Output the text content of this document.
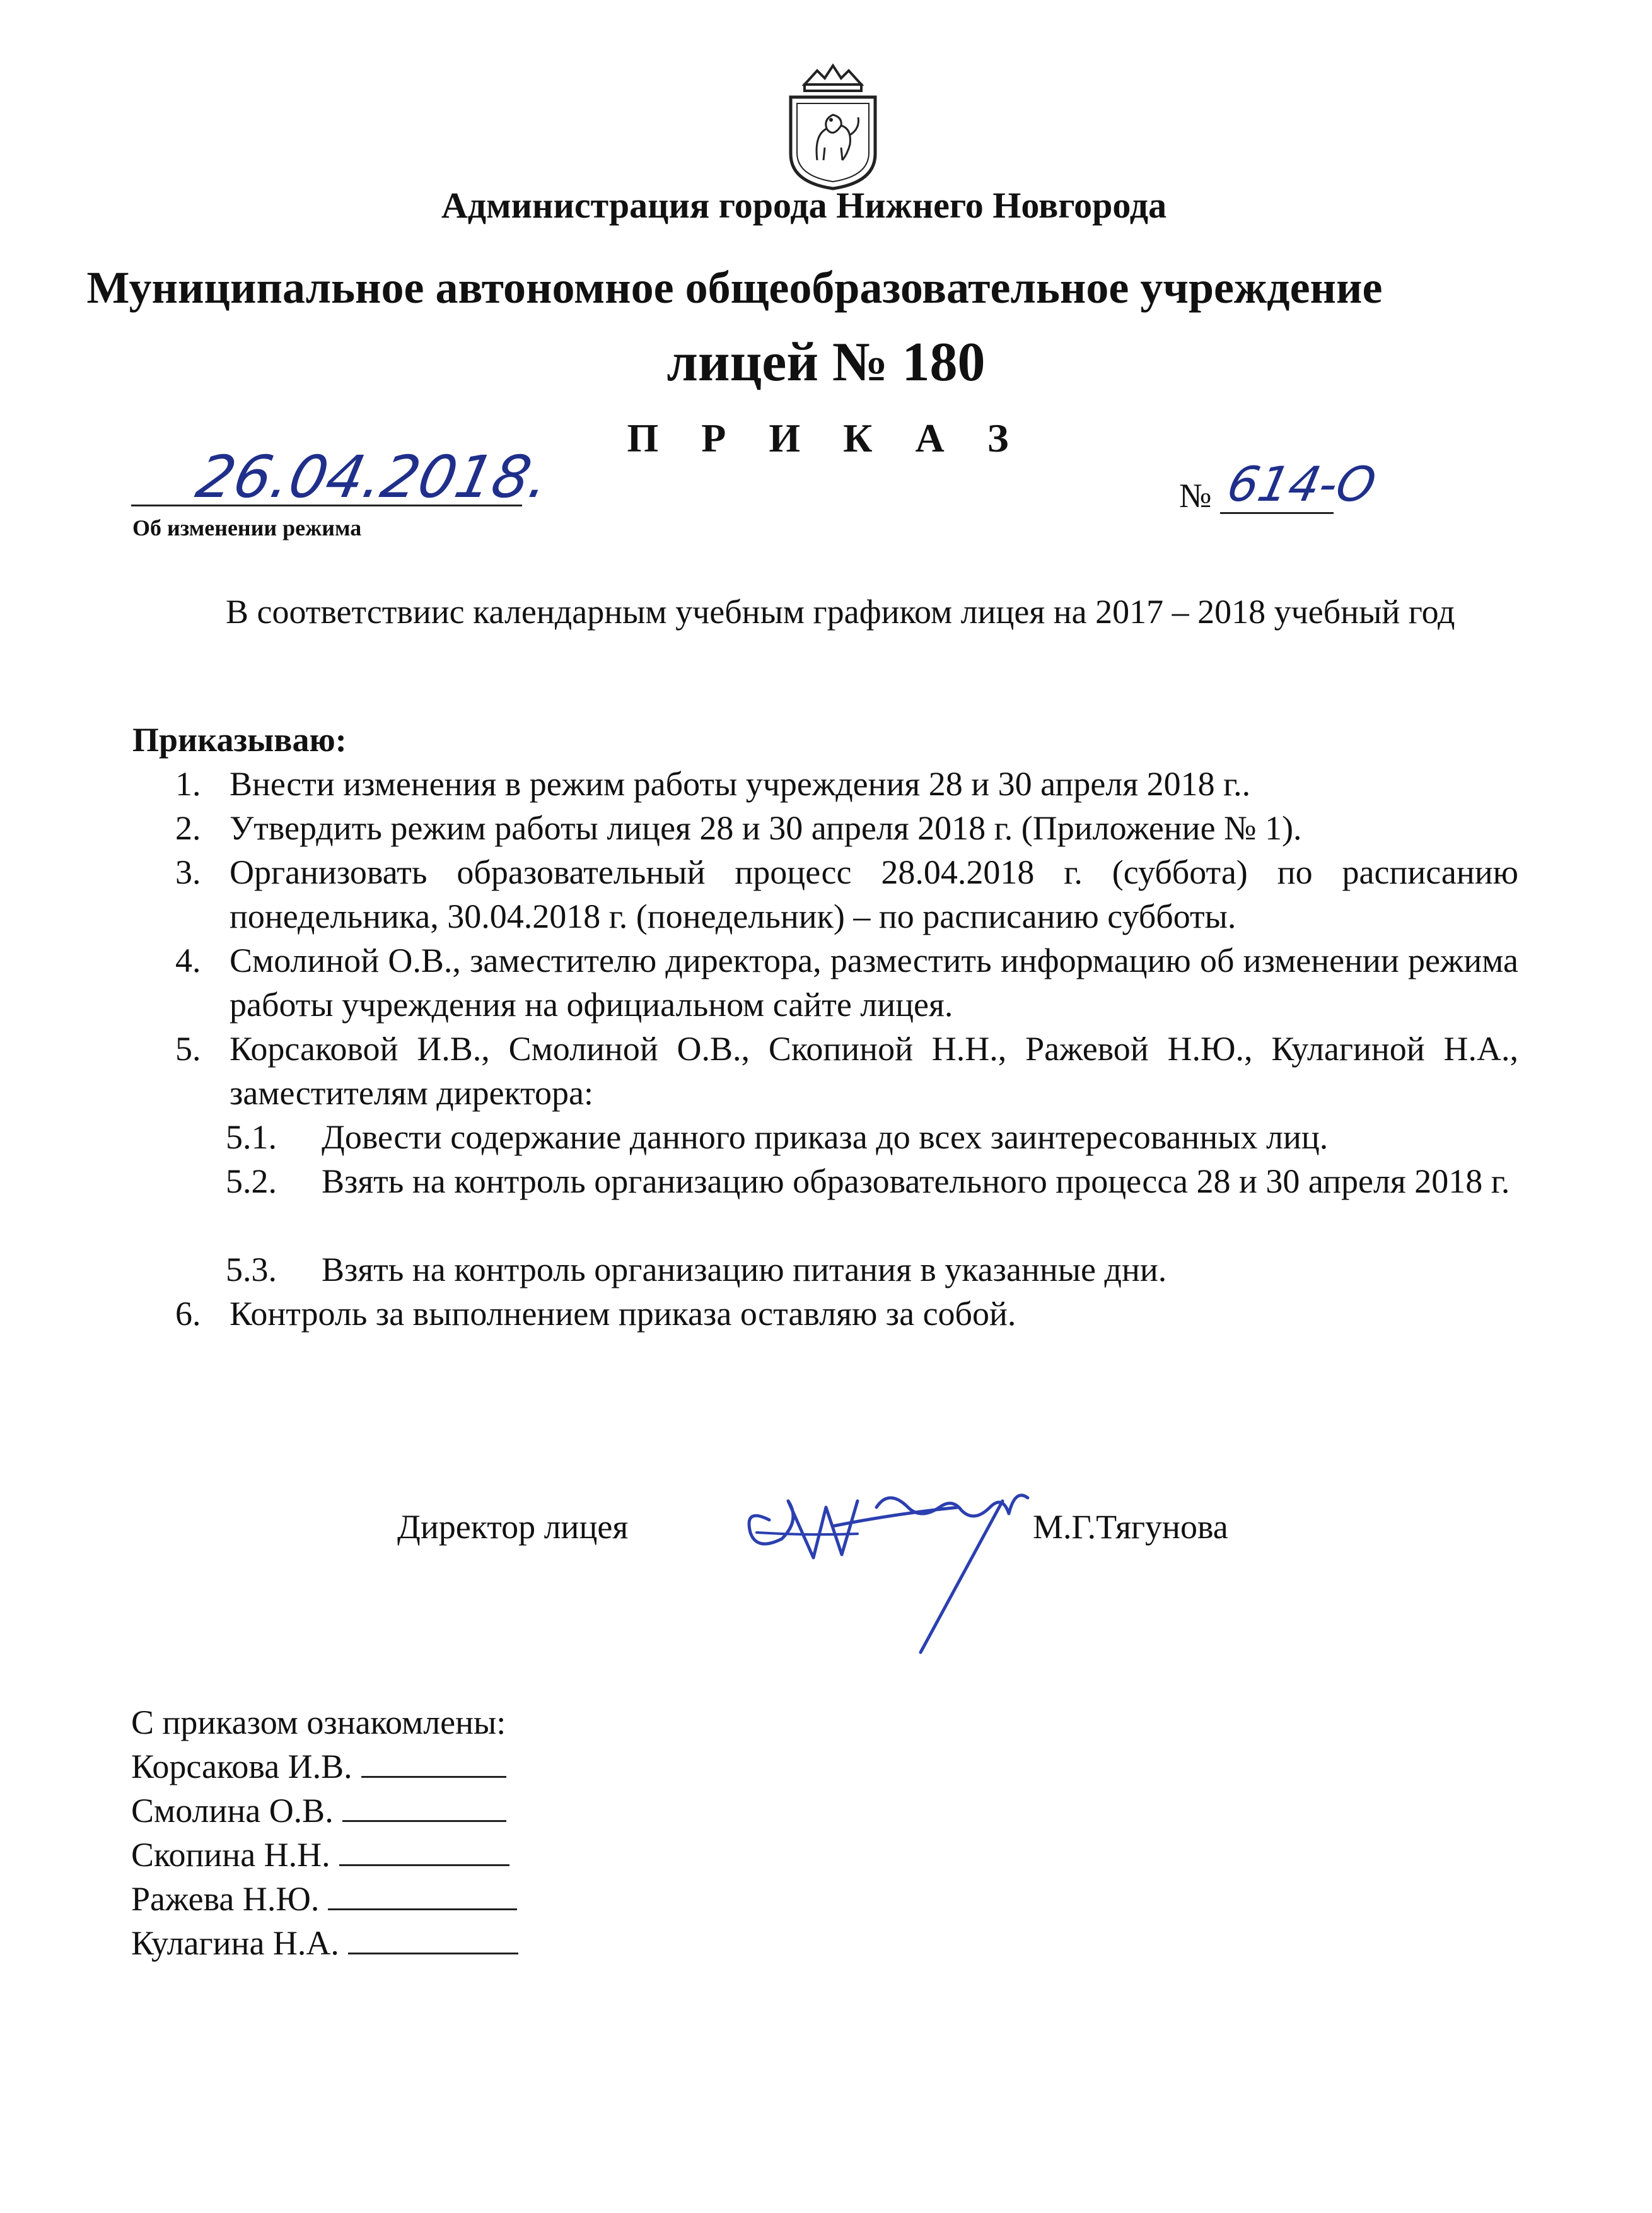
Администрация города Нижнего Новгорода
Муниципальное автономное общеобразовательное учреждение
лицей № 180
П Р И К А З
26.04.2018.	№ 614-О
Об изменении режима
В соответствиис календарным учебным графиком лицея на 2017 – 2018 учебный год
Приказываю:
1. Внести изменения в режим работы учреждения 28 и 30 апреля 2018 г..
2. Утвердить режим работы лицея 28 и 30 апреля 2018 г. (Приложение № 1).
3. Организовать образовательный процесс 28.04.2018 г. (суббота) по расписанию понедельника, 30.04.2018 г. (понедельник) – по расписанию субботы.
4. Смолиной О.В., заместителю директора, разместить информацию об изменении режима работы учреждения на официальном сайте лицея.
5. Корсаковой И.В., Смолиной О.В., Скопиной Н.Н., Ражевой Н.Ю., Кулагиной Н.А., заместителям директора:
5.1.	Довести содержание данного приказа до всех заинтересованных лиц.
5.2.	Взять на контроль организацию образовательного процесса 28 и 30 апреля 2018 г.
5.3.	Взять на контроль организацию питания в указанные дни.
6. Контроль за выполнением приказа оставляю за собой.
Директор лицея	М.Г.Тягунова
С приказом ознакомлены:
Корсакова И.В.
Смолина О.В.
Скопина Н.Н.
Ражева Н.Ю.
Кулагина Н.А.
